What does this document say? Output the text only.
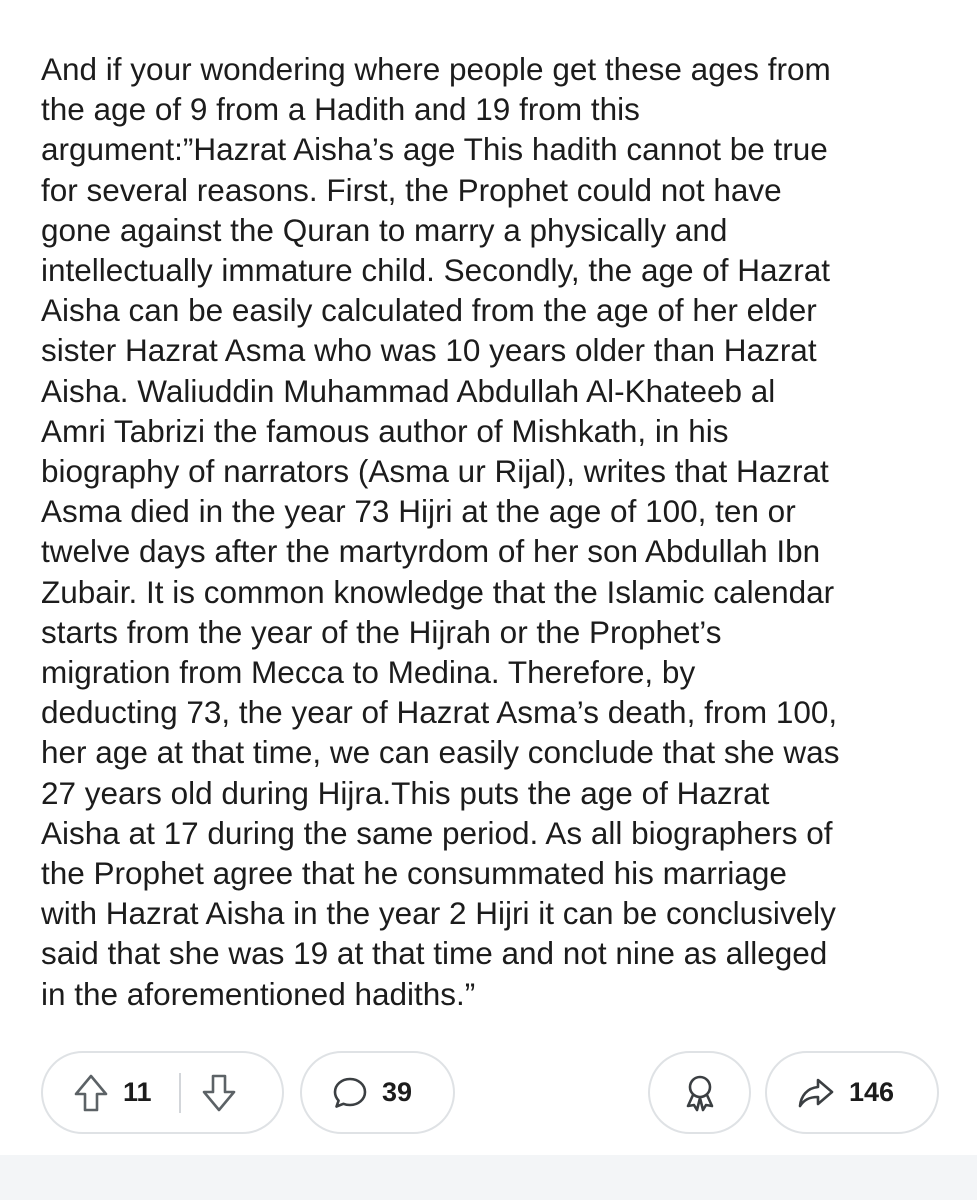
And if your wondering where people get these ages from
the age of 9 from a Hadith and 19 from this
argument:”Hazrat Aisha’s age This hadith cannot be true
for several reasons. First, the Prophet could not have
gone against the Quran to marry a physically and
intellectually immature child. Secondly, the age of Hazrat
Aisha can be easily calculated from the age of her elder
sister Hazrat Asma who was 10 years older than Hazrat
Aisha. Waliuddin Muhammad Abdullah Al-Khateeb al
Amri Tabrizi the famous author of Mishkath, in his
biography of narrators (Asma ur Rijal), writes that Hazrat
Asma died in the year 73 Hijri at the age of 100, ten or
twelve days after the martyrdom of her son Abdullah Ibn
Zubair. It is common knowledge that the Islamic calendar
starts from the year of the Hijrah or the Prophet’s
migration from Mecca to Medina. Therefore, by
deducting 73, the year of Hazrat Asma’s death, from 100,
her age at that time, we can easily conclude that she was
27 years old during Hijra.This puts the age of Hazrat
Aisha at 17 during the same period. As all biographers of
the Prophet agree that he consummated his marriage
with Hazrat Aisha in the year 2 Hijri it can be conclusively
said that she was 19 at that time and not nine as alleged
in the aforementioned hadiths.”
11	39	146
